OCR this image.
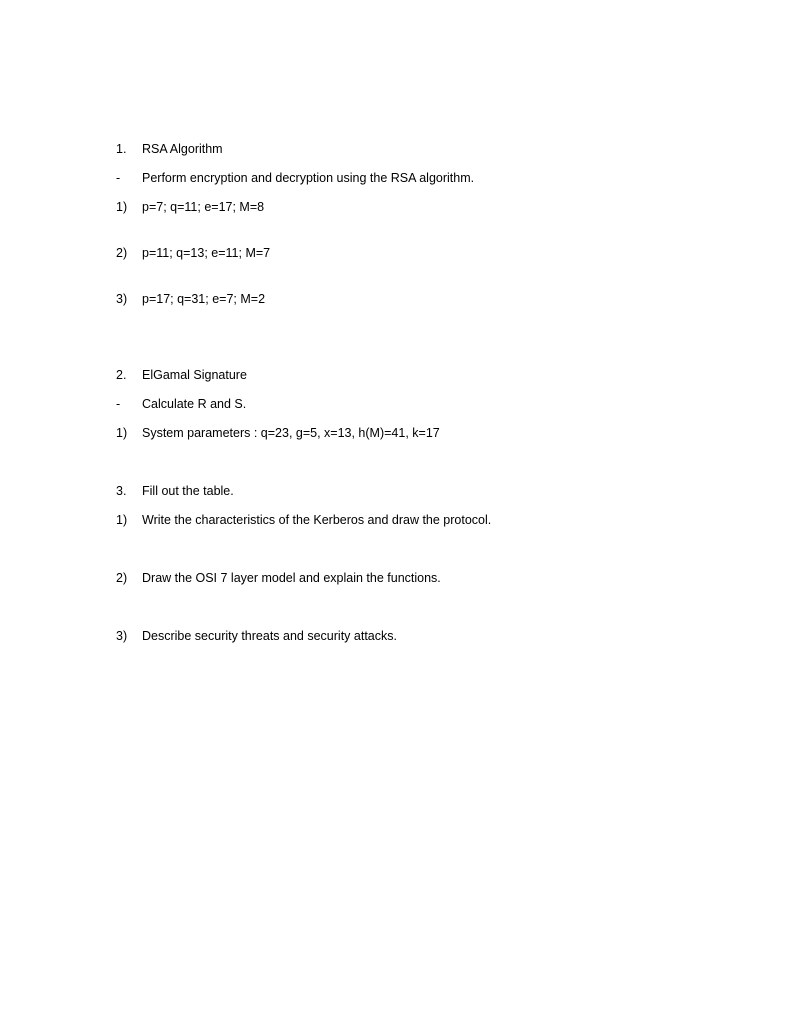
1. RSA Algorithm
- Perform encryption and decryption using the RSA algorithm.
1) p=7; q=11; e=17; M=8
2) p=11; q=13; e=11; M=7
3) p=17; q=31; e=7; M=2
2. ElGamal Signature
- Calculate R and S.
1) System parameters : q=23, g=5, x=13, h(M)=41, k=17
3. Fill out the table.
1) Write the characteristics of the Kerberos and draw the protocol.
2) Draw the OSI 7 layer model and explain the functions.
3) Describe security threats and security attacks.
